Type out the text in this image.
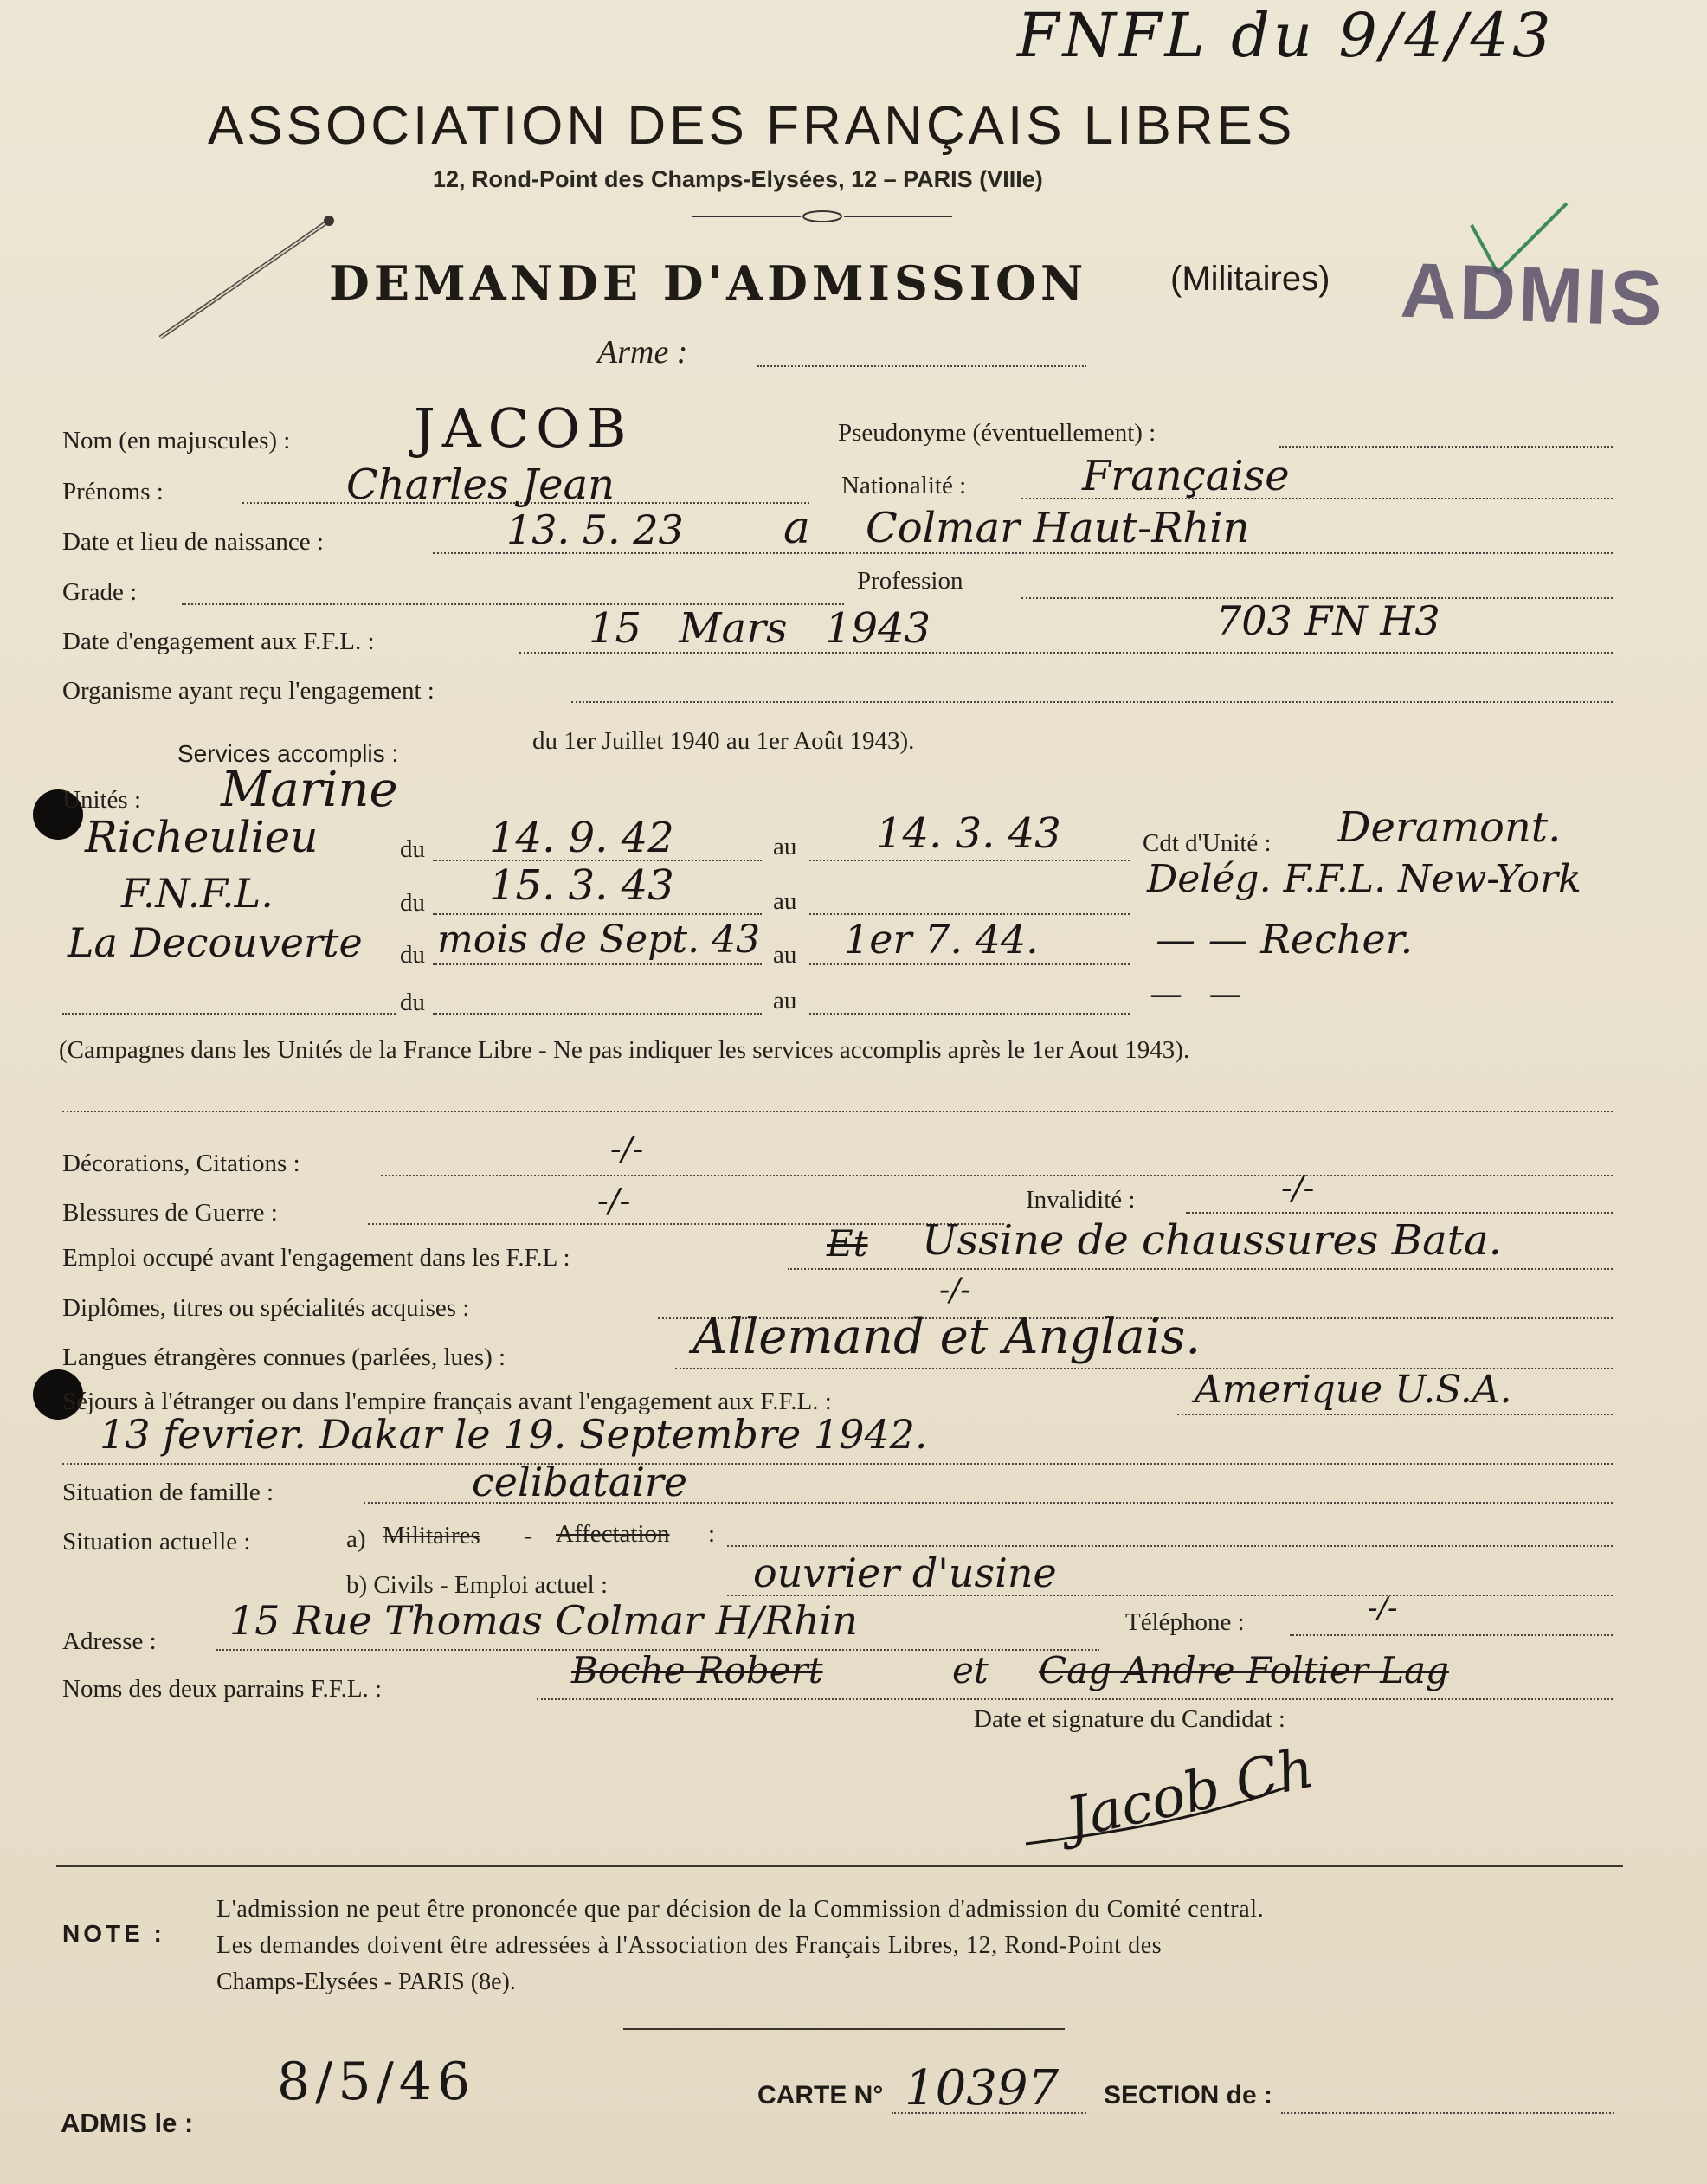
FNFL du 9/4/43
ASSOCIATION DES FRANÇAIS LIBRES
12, Rond-Point des Champs-Elysées, 12 – PARIS (VIIIe)
DEMANDE D'ADMISSION (Militaires) ADMIS
Arme :
Nom (en majuscules) : JACOB	Pseudonyme (éventuellement) :
Prénoms :	Charles Jean	Nationalité :	Française
Date et lieu de naissance :	13. 5. 23 a Colmar Haut-Rhin
Grade :	Profession
Date d'engagement aux F.F.L. :	15 Mars 1943	703 FN H3
Organisme ayant reçu l'engagement :
Services accomplis :	du 1er Juillet 1940 au 1er Août 1943).
Unités : Marine
Richeulieu	du 14. 9. 42	au 14. 3. 43	Cdt d'Unité : Deramont.
F.N.F.L.	du 15. 3. 43	au	Delég. F.F.L. New-York
La Decouverte du mois de Sept. 43 au 1er 7. 44.	— — Recher.
du	au	— —
(Campagnes dans les Unités de la France Libre - Ne pas indiquer les services accomplis après le 1er Aout 1943).
Décorations, Citations :	-/-
Blessures de Guerre :	-/-	Invalidité :	-/-
Emploi occupé avant l'engagement dans les F.F.L :	Et Ussine de chaussures Bata.
Diplômes, titres ou spécialités acquises :	-/-
Langues étrangères connues (parlées, lues) :	Allemand et Anglais.
Séjours à l'étranger ou dans l'empire français avant l'engagement aux F.F.L. :	Amerique U.S.A.
13 fevrier. Dakar le 19. Septembre 1942.
Situation de famille :	celibataire
Situation actuelle :	a) Militaires - Affectation :
b) Civils - Emploi actuel :	ouvrier d'usine
Adresse : 15 Rue Thomas Colmar H/Rhin	Téléphone :	-/-
Noms des deux parrains F.F.L. :	Boche Robert	et Cag Andre Foltier Lag
Date et signature du Candidat :
Jacob Ch
NOTE :
L'admission ne peut être prononcée que par décision de la Commission d'admission du Comité central.
Les demandes doivent être adressées à l'Association des Français Libres, 12, Rond-Point des
Champs-Elysées - PARIS (8e).
ADMIS le :
8/5/46	CARTE N° 10397 SECTION de :
